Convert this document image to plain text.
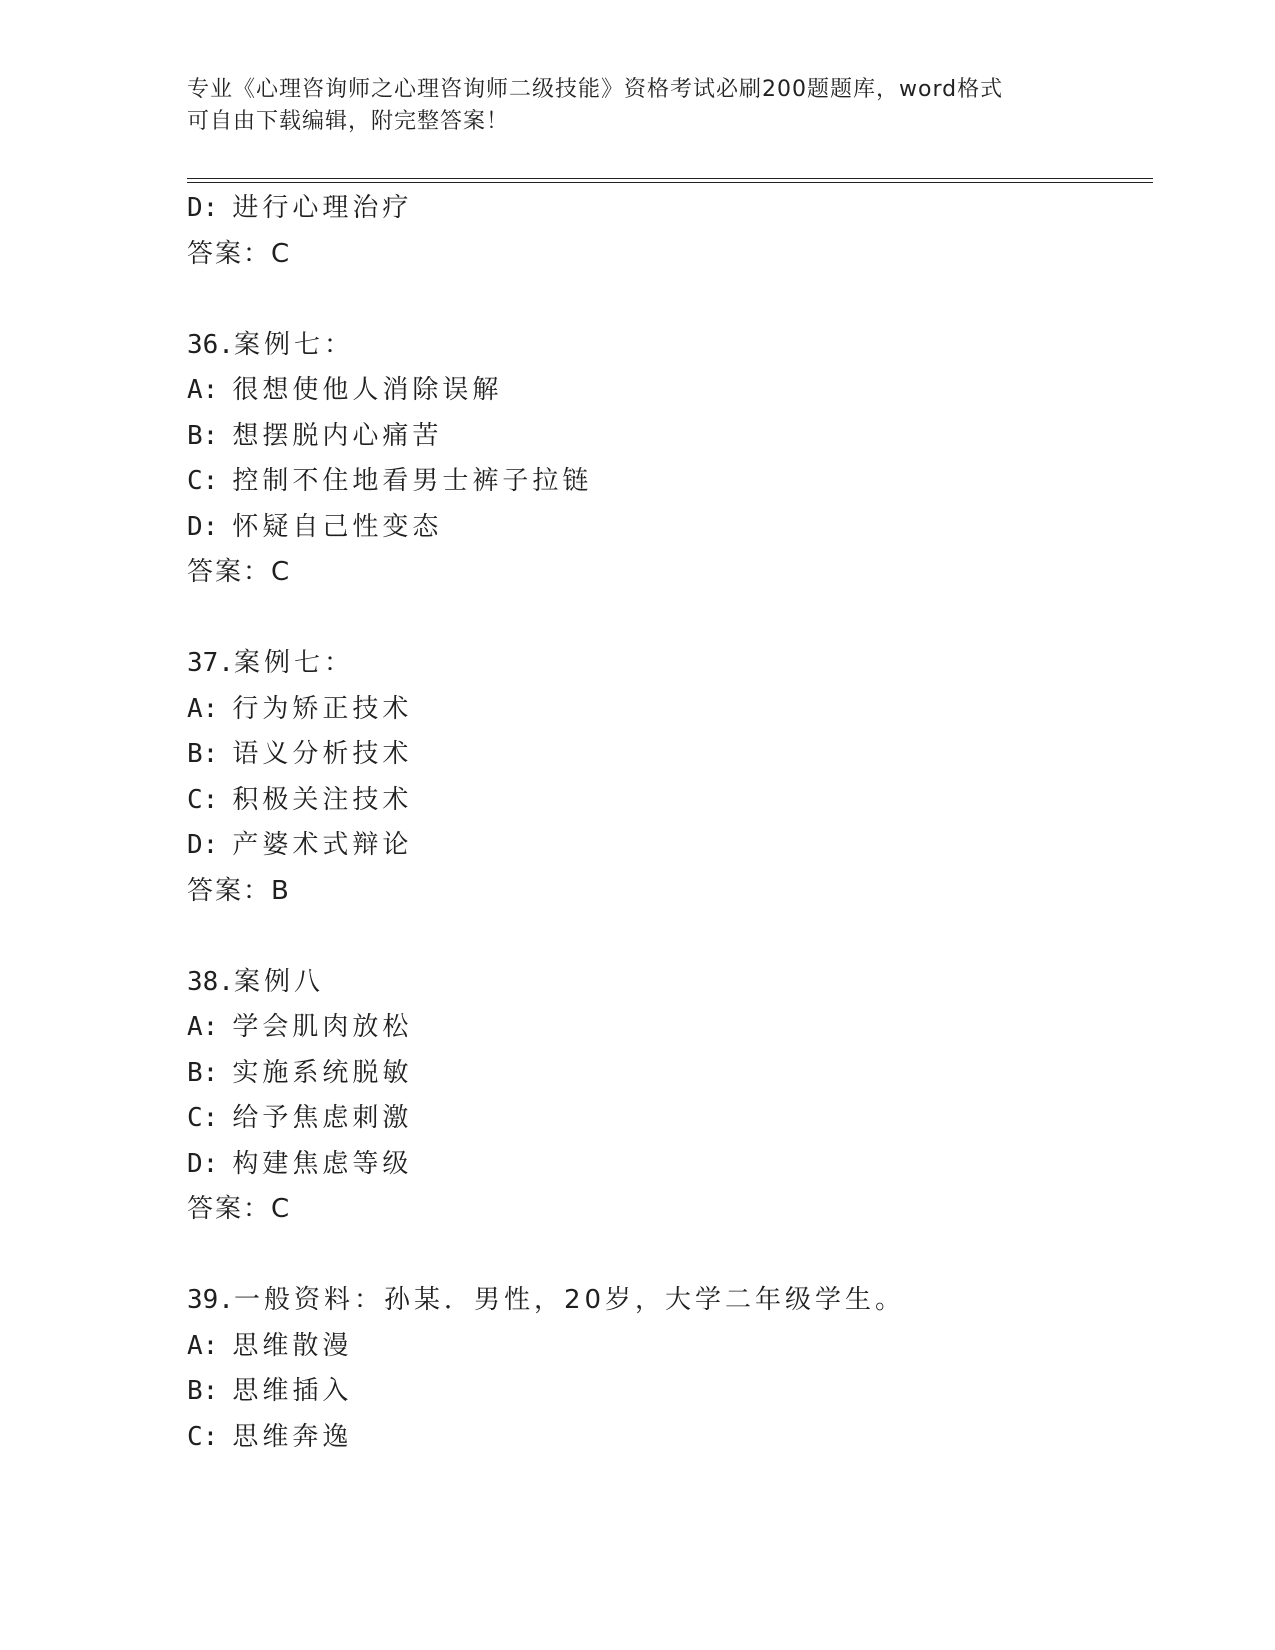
专业《心理咨询师之心理咨询师二级技能》资格考试必刷200题题库，word格式
可自由下载编辑，附完整答案！
D: 进行心理治疗
答案：C
36.案例七：
A: 很想使他人消除误解
B: 想摆脱内心痛苦
C: 控制不住地看男士裤子拉链
D: 怀疑自己性变态
答案：C
37.案例七：
A: 行为矫正技术
B: 语义分析技术
C: 积极关注技术
D: 产婆术式辩论
答案：B
38.案例八
A: 学会肌肉放松
B: 实施系统脱敏
C: 给予焦虑刺激
D: 构建焦虑等级
答案：C
39.一般资料：孙某．男性，20岁，大学二年级学生。
A: 思维散漫
B: 思维插入
C: 思维奔逸
